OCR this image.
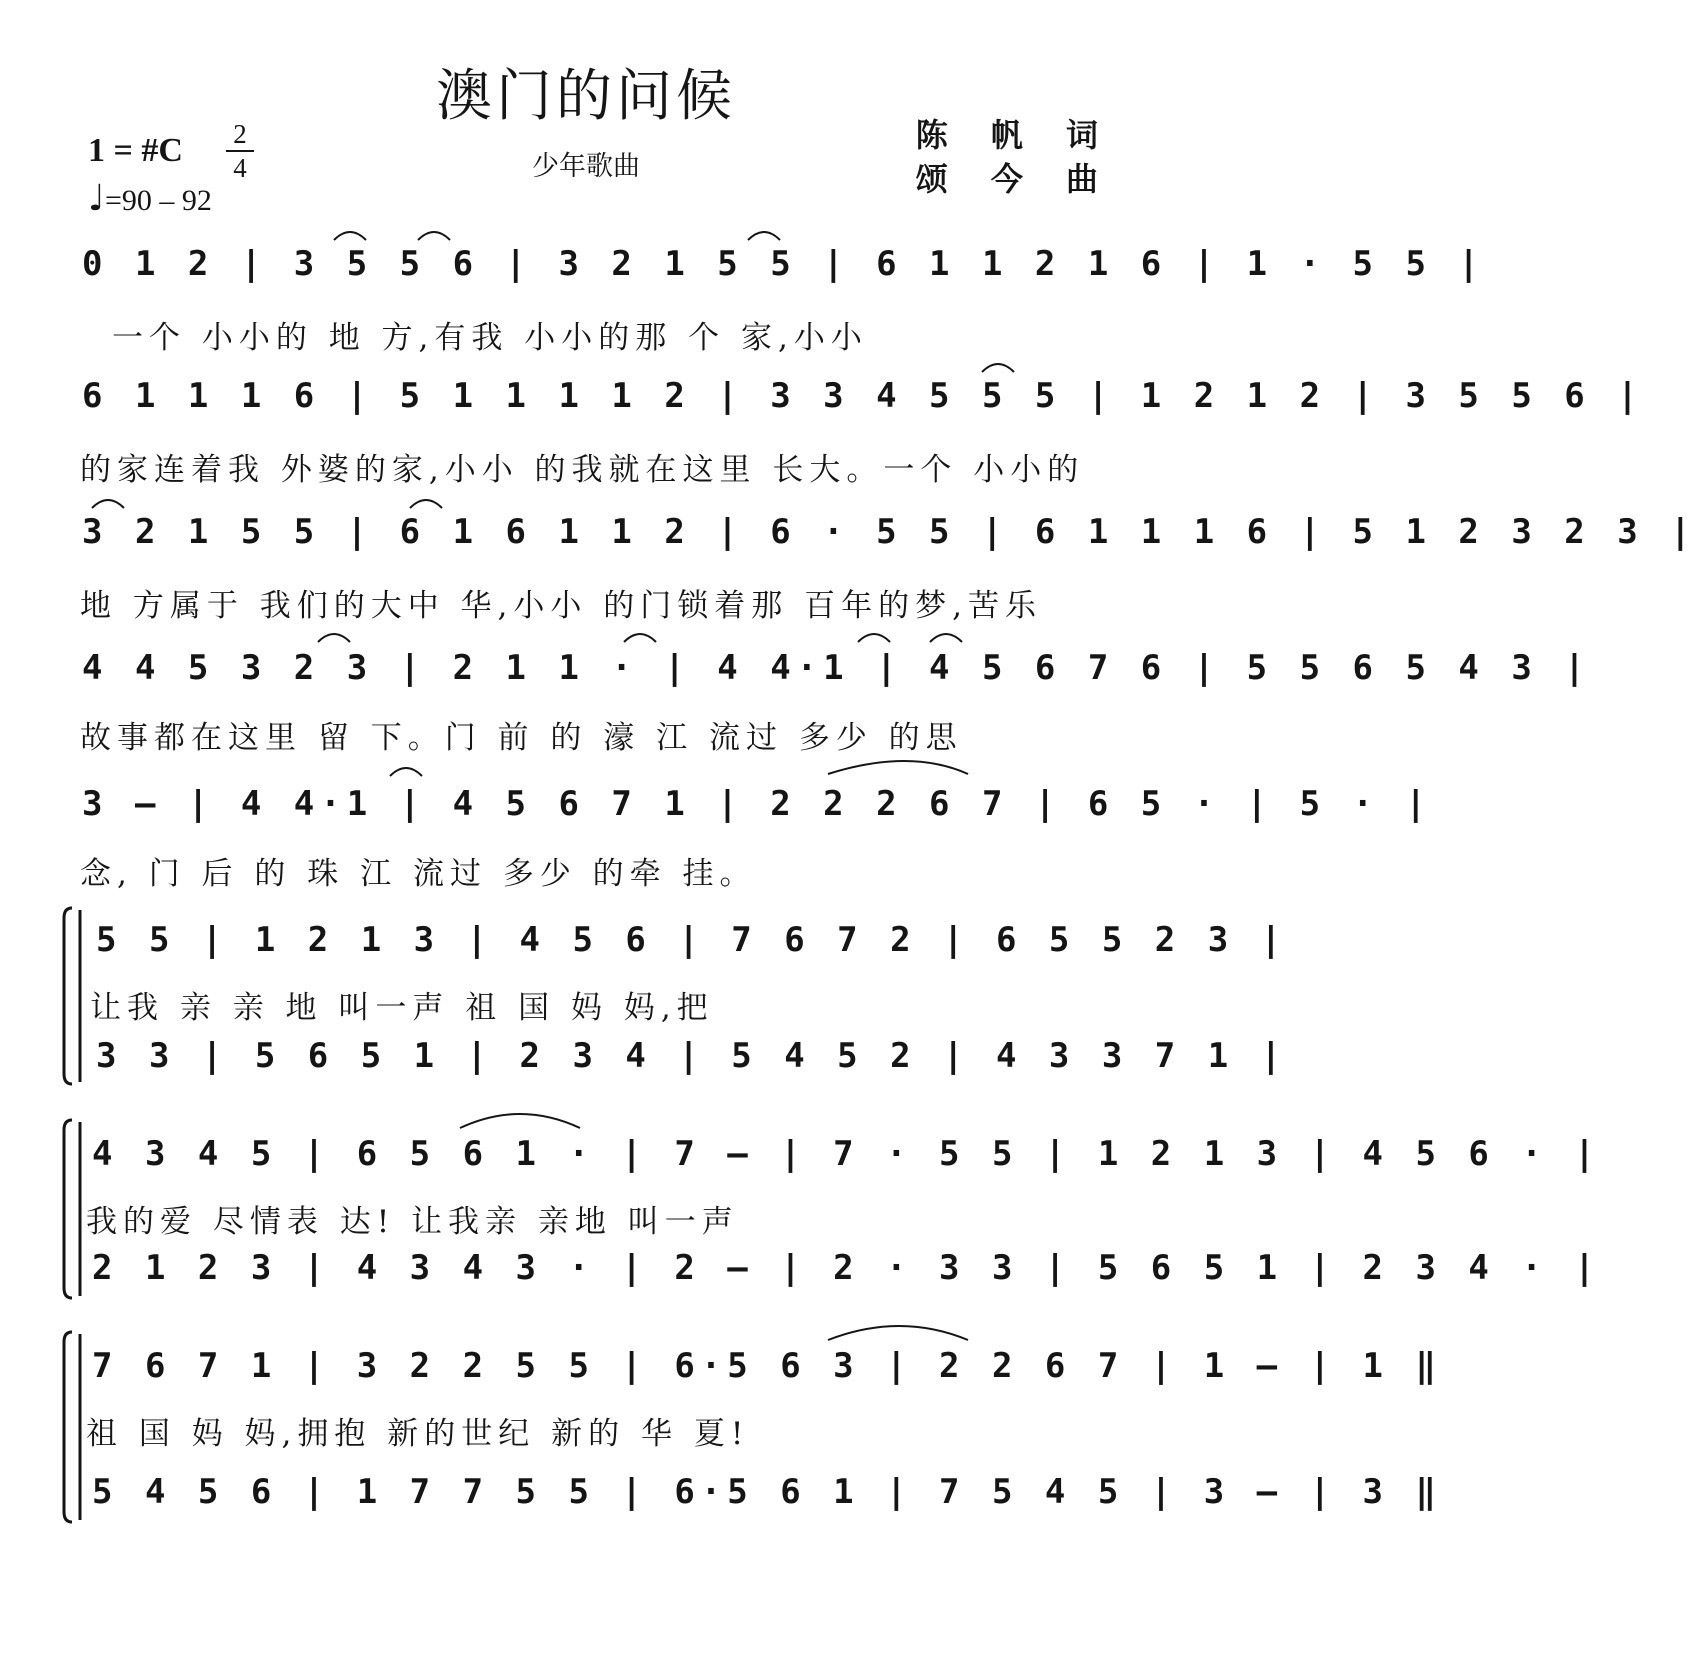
澳门的问候
少年歌曲
陈 帆 词
颂 今 曲
1 = #C	2
4
♩=90 – 92
0 1 2 | 3 5 5 6 | 3 2 1 5 5 | 6 1 1 2 1 6 | 1 · 5 5 |
一个 小小的 地 方,有我 小小的那 个 家,小小
6 1 1 1 6 | 5 1 1 1 1 2 | 3 3 4 5 5 5 | 1 2 1 2 | 3 5 5 6 |
的家连着我 外婆的家,小小 的我就在这里 长大。一个 小小的
3 2 1 5 5 | 6 1 6 1 1 2 | 6 · 5 5 | 6 1 1 1 6 | 5 1 2 3 2 3 |
地 方属于 我们的大中 华,小小 的门锁着那 百年的梦,苦乐
4 4 5 3 2 3 | 2 1 1 · | 4 4·1 | 4 5 6 7 6 | 5 5 6 5 4 3 |
故事都在这里 留 下。门 前 的 濠 江 流过 多少 的思
3 – | 4 4·1 | 4 5 6 7 1 | 2 2 2 6 7 | 6 5 · | 5 · |
念, 门 后 的 珠 江 流过 多少 的牵 挂。
5 5 | 1 2 1 3 | 4 5 6 | 7 6 7 2 | 6 5 5 2 3 |
让我 亲 亲 地 叫一声 祖 国 妈 妈,把
3 3 | 5 6 5 1 | 2 3 4 | 5 4 5 2 | 4 3 3 7 1 |
4 3 4 5 | 6 5 6 1 · | 7 – | 7 · 5 5 | 1 2 1 3 | 4 5 6 · |
我的爱 尽情表 达! 让我亲 亲地 叫一声
2 1 2 3 | 4 3 4 3 · | 2 – | 2 · 3 3 | 5 6 5 1 | 2 3 4 · |
7 6 7 1 | 3 2 2 5 5 | 6·5 6 3 | 2 2 6 7 | 1 – | 1 ‖
祖 国 妈 妈,拥抱 新的世纪 新的 华 夏!
5 4 5 6 | 1 7 7 5 5 | 6·5 6 1 | 7 5 4 5 | 3 – | 3 ‖
